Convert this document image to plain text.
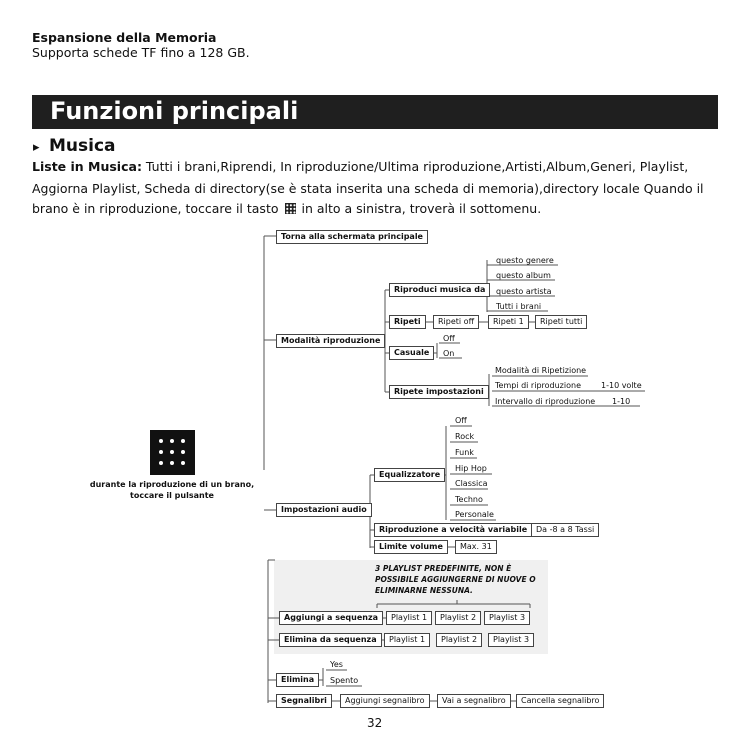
Espansione della Memoria
Supporta schede TF fino a 128 GB.
Funzioni principali
▸ Musica
Liste in Musica: Tutti i brani,Riprendi, In riproduzione/Ultima riproduzione,Artisti,Album,Generi, Playlist,
Aggiorna Playlist, Scheda di directory(se è stata inserita una scheda di memoria),directory locale Quando il
brano è in riproduzione, toccare il tasto in alto a sinistra, troverà il sottomenu.
Torna alla schermata principale
Modalità riproduzione
Riproduci musica da
questo genere
questo album
questo artista
Tutti i brani
Ripeti	Ripeti off	Ripeti 1	Ripeti tutti
Off
Casuale	On
Ripete impostazioni
Modalità di Ripetizione
Tempi di riproduzione	1-10 volte
Intervallo di riproduzione 1-10
durante la riproduzione di un brano,
toccare il pulsante
Impostazioni audio
Equalizzatore
Off
Rock
Funk
Hip Hop
Classica
Techno
Personale
Riproduzione a velocità variabile	Da -8 a 8 Tassi
Limite volume	Max. 31
3 PLAYLIST PREDEFINITE, NON È POSSIBILE AGGIUNGERNE DI NUOVE O ELIMINARNE NESSUNA.
Aggiungi a sequenza	Playlist 1	Playlist 2	Playlist 3
Elimina da sequenza	Playlist 1	Playlist 2	Playlist 3
Yes
Elimina	Spento
Segnalibri	Aggiungi segnalibro	Vai a segnalibro	Cancella segnalibro
32
